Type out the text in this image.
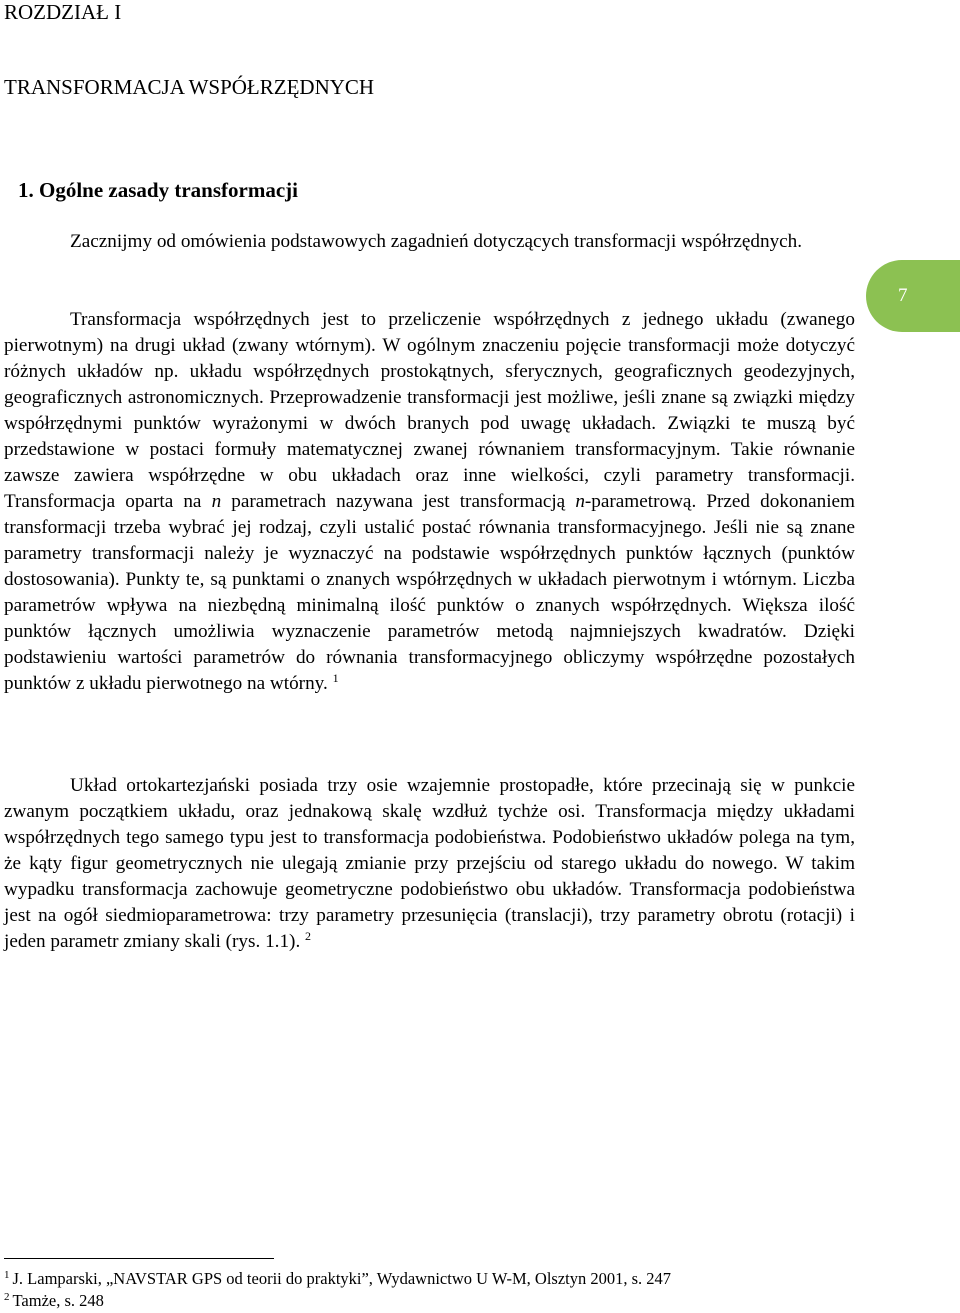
ROZDZIAŁ I
TRANSFORMACJA WSPÓŁRZĘDNYCH
1. Ogólne zasady transformacji

Zacznijmy od omówienia podstawowych zagadnień dotyczących transformacji współrzędnych.

Transformacja współrzędnych jest to przeliczenie współrzędnych z jednego układu (zwanego pierwotnym) na drugi układ (zwany wtórnym). W ogólnym znaczeniu pojęcie transformacji może dotyczyć różnych układów np. układu współrzędnych prostokątnych, sferycznych, geograficznych geodezyjnych, geograficznych astronomicznych. Przeprowadzenie transformacji jest możliwe, jeśli znane są związki między współrzędnymi punktów wyrażonymi w dwóch branych pod uwagę układach. Związki te muszą być przedstawione w postaci formuły matematycznej zwanej równaniem transformacyjnym. Takie równanie zawsze zawiera współrzędne w obu układach oraz inne wielkości, czyli parametry transformacji. Transformacja oparta na n parametrach nazywana jest transformacją n-parametrową. Przed dokonaniem transformacji trzeba wybrać jej rodzaj, czyli ustalić postać równania transformacyjnego. Jeśli nie są znane parametry transformacji należy je wyznaczyć na podstawie współrzędnych punktów łącznych (punktów dostosowania). Punkty te, są punktami o znanych współrzędnych w układach pierwotnym i wtórnym. Liczba parametrów wpływa na niezbędną minimalną ilość punktów o znanych współrzędnych. Większa ilość punktów łącznych umożliwia wyznaczenie parametrów metodą najmniejszych kwadratów. Dzięki podstawieniu wartości parametrów do równania transformacyjnego obliczymy współrzędne pozostałych punktów z układu pierwotnego na wtórny. $^1$

Układ ortokartezjański posiada trzy osie wzajemnie prostopadłe, które przecinają się w punkcie zwanym początkiem układu, oraz jednakową skalę wzdłuż tychże osi. Transformacja między układami współrzędnych tego samego typu jest to transformacja podobieństwa. Podobieństwo układów polega na tym, że kąty figur geometrycznych nie ulegają zmianie przy przejściu od starego układu do nowego. W takim wypadku transformacja zachowuje geometryczne podobieństwo obu układów. Transformacja podobieństwa jest na ogół siedmioparametrowa: trzy parametry przesunięcia (translacji), trzy parametry obrotu (rotacji) i jeden parametr zmiany skali (rys. 1.1). $^2$

7
$^1$ J. Lamparski, „NAVSTAR GPS od teorii do praktyki”, Wydawnictwo U W-M, Olsztyn 2001, s. 247
$^2$ Tamże, s. 248
